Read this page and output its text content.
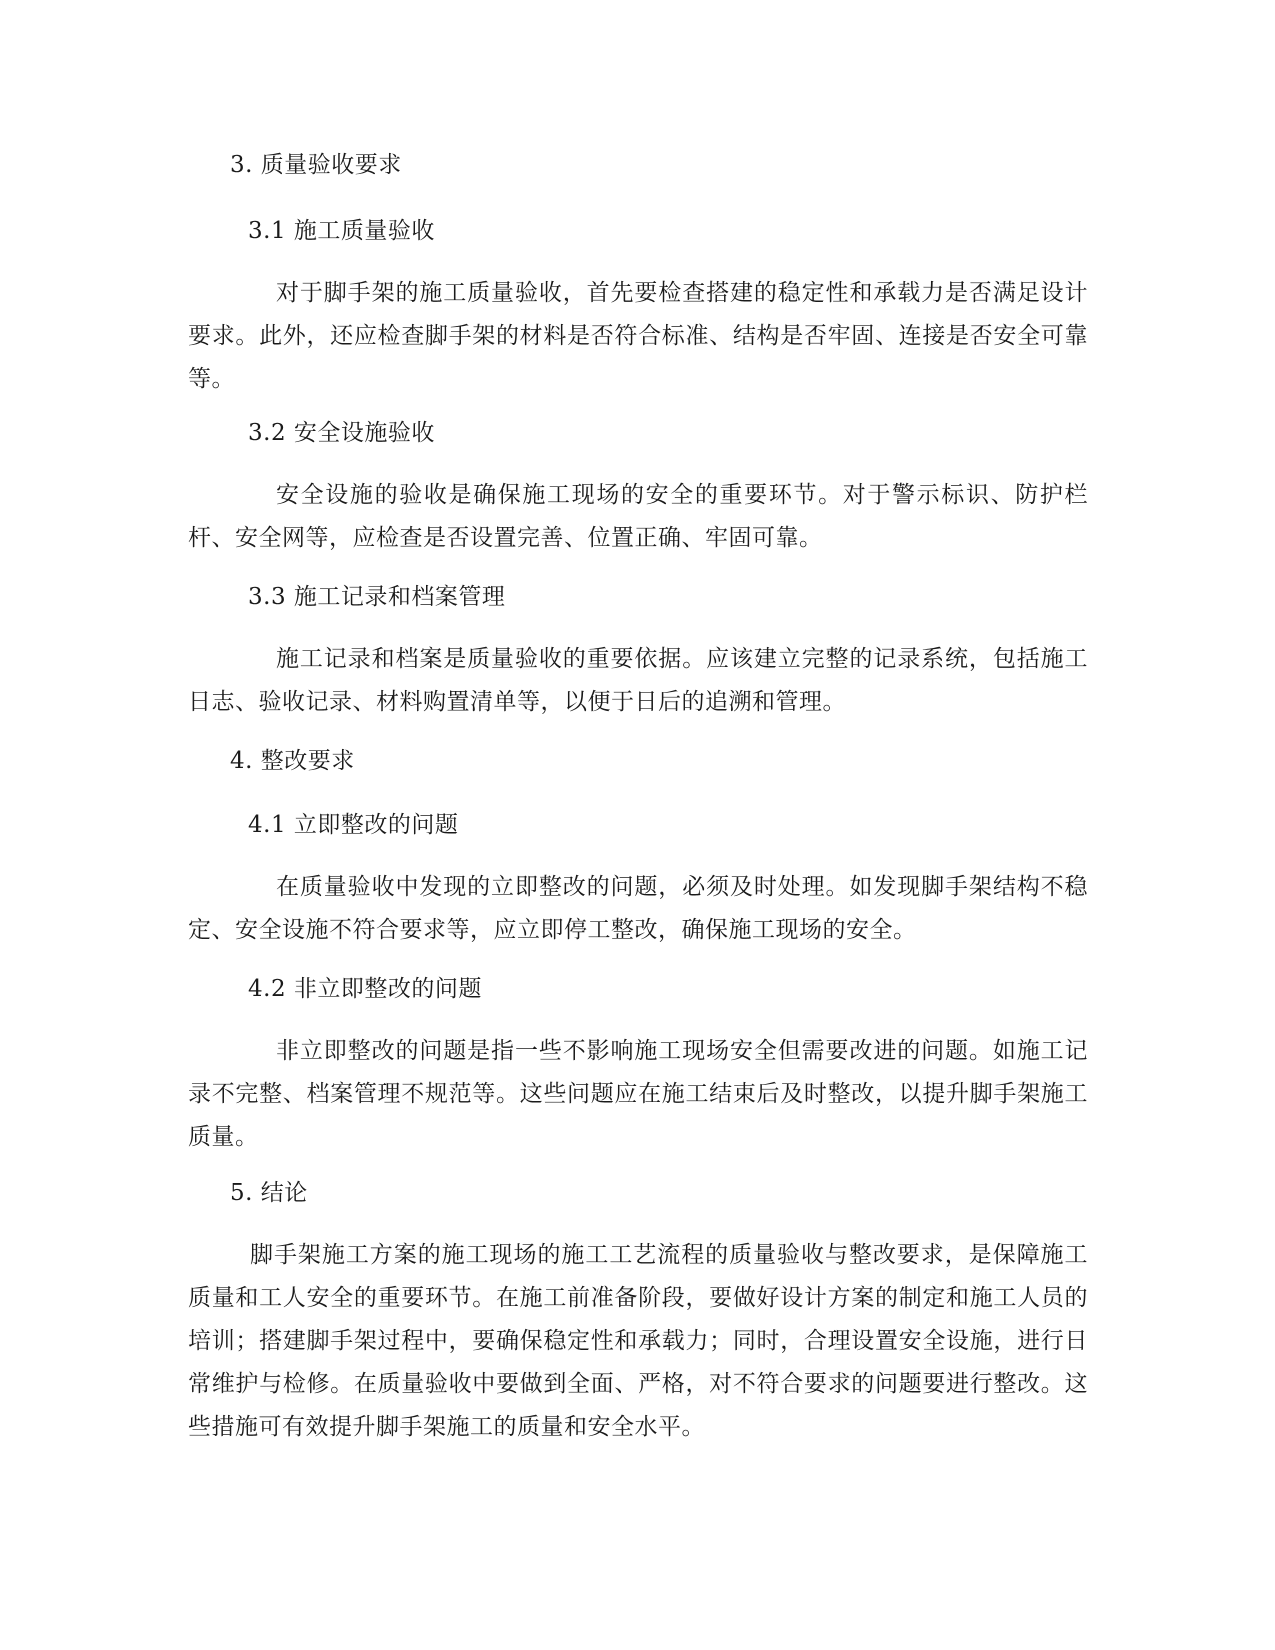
3. 质量验收要求

3.1 施工质量验收

对于脚手架的施工质量验收，首先要检查搭建的稳定性和承载力是否满足设计要求。此外，还应检查脚手架的材料是否符合标准、结构是否牢固、连接是否安全可靠等。

3.2 安全设施验收

安全设施的验收是确保施工现场的安全的重要环节。对于警示标识、防护栏杆、安全网等，应检查是否设置完善、位置正确、牢固可靠。

3.3 施工记录和档案管理

施工记录和档案是质量验收的重要依据。应该建立完整的记录系统，包括施工日志、验收记录、材料购置清单等，以便于日后的追溯和管理。

4. 整改要求

4.1 立即整改的问题

在质量验收中发现的立即整改的问题，必须及时处理。如发现脚手架结构不稳定、安全设施不符合要求等，应立即停工整改，确保施工现场的安全。

4.2 非立即整改的问题

非立即整改的问题是指一些不影响施工现场安全但需要改进的问题。如施工记录不完整、档案管理不规范等。这些问题应在施工结束后及时整改，以提升脚手架施工质量。

5. 结论

脚手架施工方案的施工现场的施工工艺流程的质量验收与整改要求，是保障施工质量和工人安全的重要环节。在施工前准备阶段，要做好设计方案的制定和施工人员的培训；搭建脚手架过程中，要确保稳定性和承载力；同时，合理设置安全设施，进行日常维护与检修。在质量验收中要做到全面、严格，对不符合要求的问题要进行整改。这些措施可有效提升脚手架施工的质量和安全水平。
